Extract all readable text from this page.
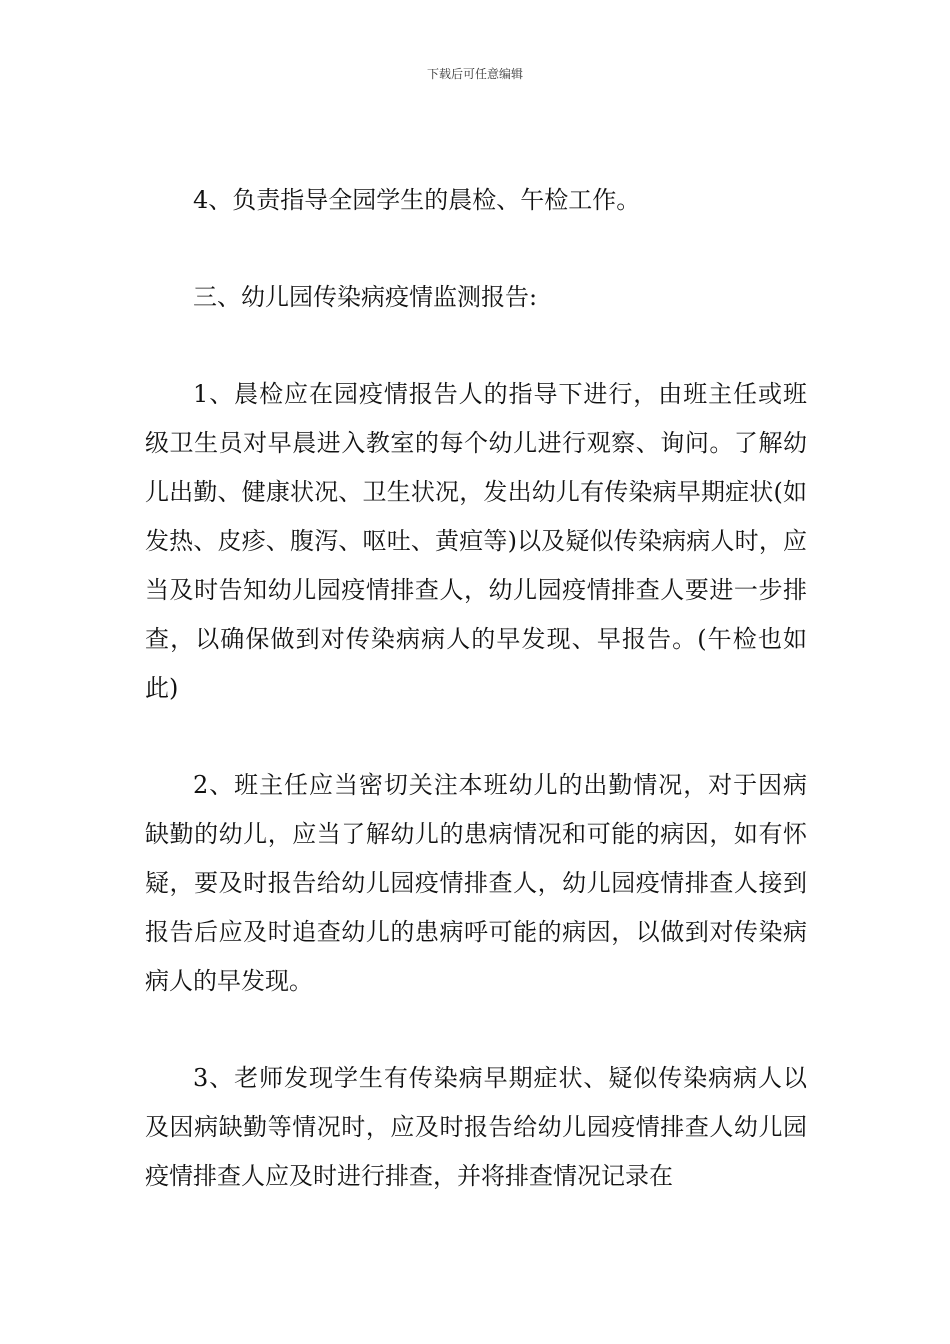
下载后可任意编辑

4、负责指导全园学生的晨检、午检工作。

三、幼儿园传染病疫情监测报告:

1、晨检应在园疫情报告人的指导下进行，由班主任或班级卫生员对早晨进入教室的每个幼儿进行观察、询问。了解幼儿出勤、健康状况、卫生状况，发出幼儿有传染病早期症状(如发热、皮疹、腹泻、呕吐、黄疸等)以及疑似传染病病人时，应当及时告知幼儿园疫情排查人，幼儿园疫情排查人要进一步排查，以确保做到对传染病病人的早发现、早报告。(午检也如此)

2、班主任应当密切关注本班幼儿的出勤情况，对于因病缺勤的幼儿，应当了解幼儿的患病情况和可能的病因，如有怀疑，要及时报告给幼儿园疫情排查人，幼儿园疫情排查人接到报告后应及时追查幼儿的患病呼可能的病因，以做到对传染病病人的早发现。

3、老师发现学生有传染病早期症状、疑似传染病病人以及因病缺勤等情况时，应及时报告给幼儿园疫情排查人幼儿园疫情排查人应及时进行排查，并将排查情况记录在
